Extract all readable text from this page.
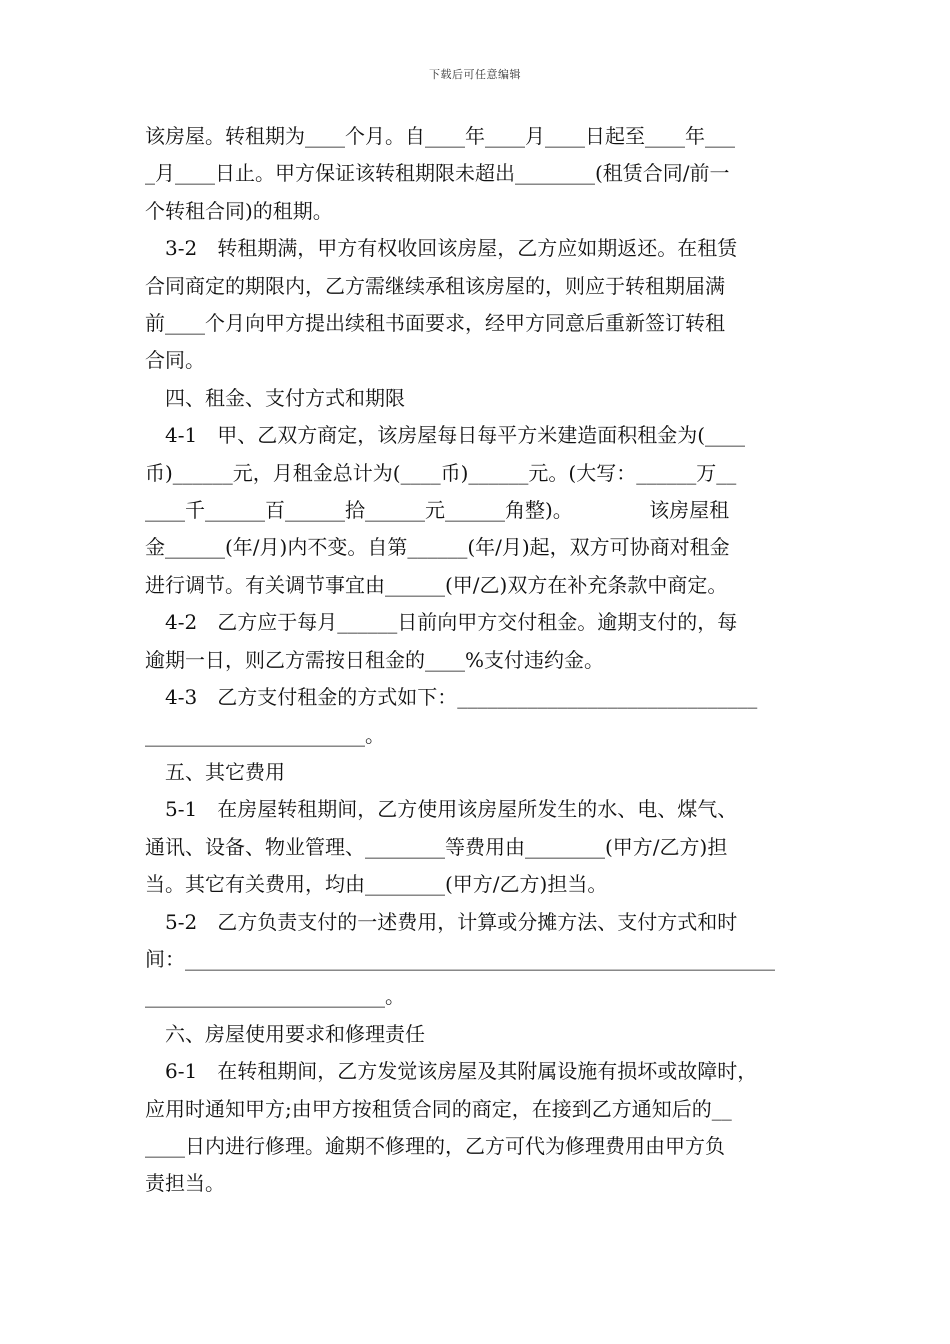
下载后可任意编辑

该房屋。转租期为____个月。自____年____月____日起至____年___
_月____日止。甲方保证该转租期限未超出________(租赁合同/前一
个转租合同)的租期。

3-2　转租期满，甲方有权收回该房屋，乙方应如期返还。在租赁
合同商定的期限内，乙方需继续承租该房屋的，则应于转租期届满
前____个月向甲方提出续租书面要求，经甲方同意后重新签订转租
合同。

四、租金、支付方式和期限

4-1　甲、乙双方商定，该房屋每日每平方米建造面积租金为(____
币)______元，月租金总计为(____币)______元。(大写：______万__
____千______百______拾______元______角整)。　　　　 该房屋租
金______(年/月)内不变。自第______(年/月)起，双方可协商对租金
进行调节。有关调节事宜由______(甲/乙)双方在补充条款中商定。

4-2　乙方应于每月______日前向甲方交付租金。逾期支付的，每
逾期一日，则乙方需按日租金的____%支付违约金。

4-3　乙方支付租金的方式如下：______________________________
______________________。

五、其它费用

5-1　在房屋转租期间，乙方使用该房屋所发生的水、电、煤气、
通讯、设备、物业管理、________等费用由________(甲方/乙方)担
当。其它有关费用，均由________(甲方/乙方)担当。

5-2　乙方负责支付的一述费用，计算或分摊方法、支付方式和时
间：___________________________________________________________
________________________。

六、房屋使用要求和修理责任

6-1　在转租期间，乙方发觉该房屋及其附属设施有损坏或故障时，
应用时通知甲方;由甲方按租赁合同的商定，在接到乙方通知后的__
____日内进行修理。逾期不修理的，乙方可代为修理费用由甲方负
责担当。
